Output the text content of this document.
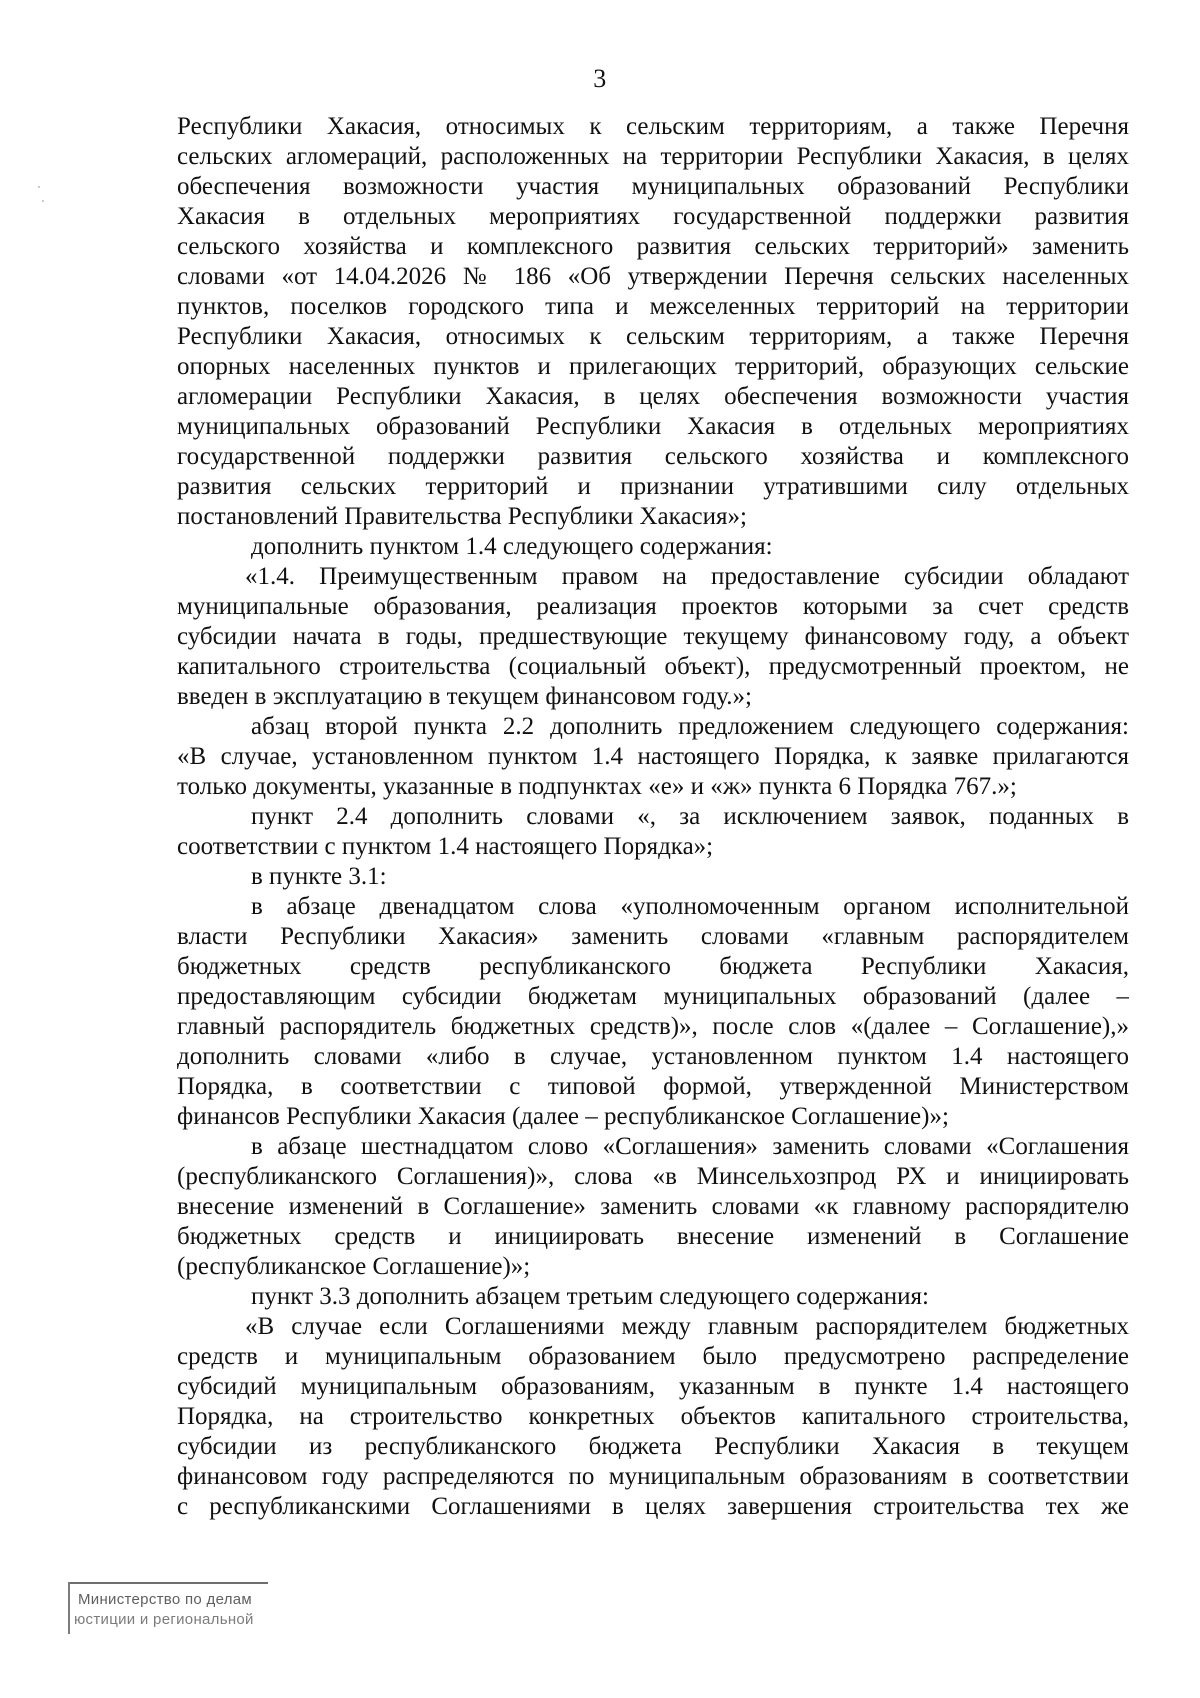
3
Республики Хакасия, относимых к сельским территориям, а также Перечня
сельских агломераций, расположенных на территории Республики Хакасия, в целях
обеспечения возможности участия муниципальных образований Республики
Хакасия в отдельных мероприятиях государственной поддержки развития
сельского хозяйства и комплексного развития сельских территорий» заменить
словами «от 14.04.2026 № 186 «Об утверждении Перечня сельских населенных
пунктов, поселков городского типа и межселенных территорий на территории
Республики Хакасия, относимых к сельским территориям, а также Перечня
опорных населенных пунктов и прилегающих территорий, образующих сельские
агломерации Республики Хакасия, в целях обеспечения возможности участия
муниципальных образований Республики Хакасия в отдельных мероприятиях
государственной поддержки развития сельского хозяйства и комплексного
развития сельских территорий и признании утратившими силу отдельных
постановлений Правительства Республики Хакасия»;
дополнить пунктом 1.4 следующего содержания:
«1.4. Преимущественным правом на предоставление субсидии обладают
муниципальные образования, реализация проектов которыми за счет средств
субсидии начата в годы, предшествующие текущему финансовому году, а объект
капитального строительства (социальный объект), предусмотренный проектом, не
введен в эксплуатацию в текущем финансовом году.»;
абзац второй пункта 2.2 дополнить предложением следующего содержания:
«В случае, установленном пунктом 1.4 настоящего Порядка, к заявке прилагаются
только документы, указанные в подпунктах «е» и «ж» пункта 6 Порядка 767.»;
пункт 2.4 дополнить словами «, за исключением заявок, поданных в
соответствии с пунктом 1.4 настоящего Порядка»;
в пункте 3.1:
в абзаце двенадцатом слова «уполномоченным органом исполнительной
власти Республики Хакасия» заменить словами «главным распорядителем
бюджетных средств республиканского бюджета Республики Хакасия,
предоставляющим субсидии бюджетам муниципальных образований (далее –
главный распорядитель бюджетных средств)», после слов «(далее – Соглашение),»
дополнить словами «либо в случае, установленном пунктом 1.4 настоящего
Порядка, в соответствии с типовой формой, утвержденной Министерством
финансов Республики Хакасия (далее – республиканское Соглашение)»;
в абзаце шестнадцатом слово «Соглашения» заменить словами «Соглашения
(республиканского Соглашения)», слова «в Минсельхозпрод РХ и инициировать
внесение изменений в Соглашение» заменить словами «к главному распорядителю
бюджетных средств и инициировать внесение изменений в Соглашение
(республиканское Соглашение)»;
пункт 3.3 дополнить абзацем третьим следующего содержания:
«В случае если Соглашениями между главным распорядителем бюджетных
средств и муниципальным образованием было предусмотрено распределение
субсидий муниципальным образованиям, указанным в пункте 1.4 настоящего
Порядка, на строительство конкретных объектов капитального строительства,
субсидии из республиканского бюджета Республики Хакасия в текущем
финансовом году распределяются по муниципальным образованиям в соответствии
с республиканскими Соглашениями в целях завершения строительства тех же
Министерство по делам
юстиции и региональной
